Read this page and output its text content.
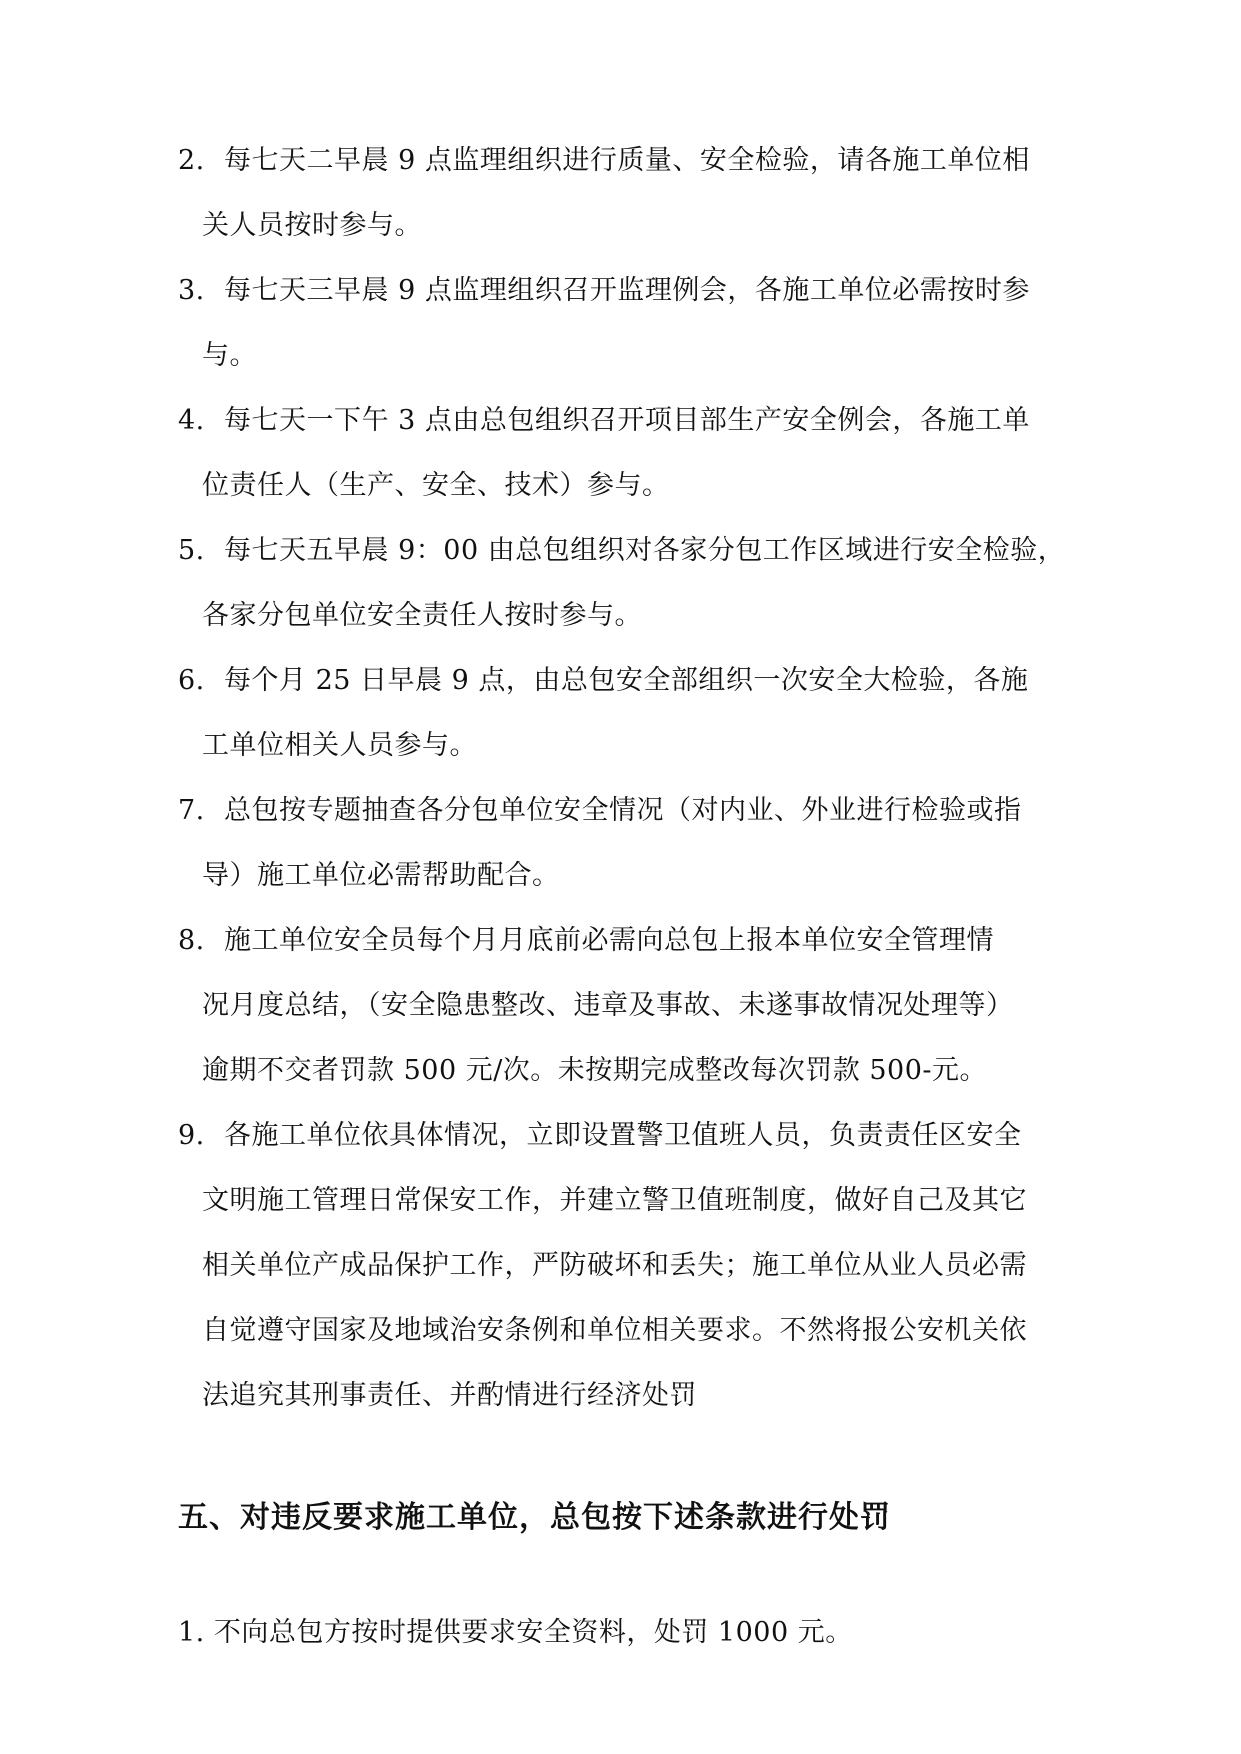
2. 每七天二早晨 9 点监理组织进行质量、安全检验，请各施工单位相
关人员按时参与。
3. 每七天三早晨 9 点监理组织召开监理例会，各施工单位必需按时参
与。
4. 每七天一下午 3 点由总包组织召开项目部生产安全例会，各施工单
位责任人（生产、安全、技术）参与。
5. 每七天五早晨 9：00 由总包组织对各家分包工作区域进行安全检验，
各家分包单位安全责任人按时参与。
6. 每个月 25 日早晨 9 点，由总包安全部组织一次安全大检验，各施
工单位相关人员参与。
7. 总包按专题抽查各分包单位安全情况（对内业、外业进行检验或指
导）施工单位必需帮助配合。
8. 施工单位安全员每个月月底前必需向总包上报本单位安全管理情
况月度总结，（安全隐患整改、违章及事故、未遂事故情况处理等）
逾期不交者罚款 500 元/次。未按期完成整改每次罚款 500-元。
9. 各施工单位依具体情况，立即设置警卫值班人员，负责责任区安全
文明施工管理日常保安工作，并建立警卫值班制度，做好自己及其它
相关单位产成品保护工作，严防破坏和丢失；施工单位从业人员必需
自觉遵守国家及地域治安条例和单位相关要求。不然将报公安机关依
法追究其刑事责任、并酌情进行经济处罚
五、对违反要求施工单位，总包按下述条款进行处罚
1. 不向总包方按时提供要求安全资料，处罚 1000 元。
